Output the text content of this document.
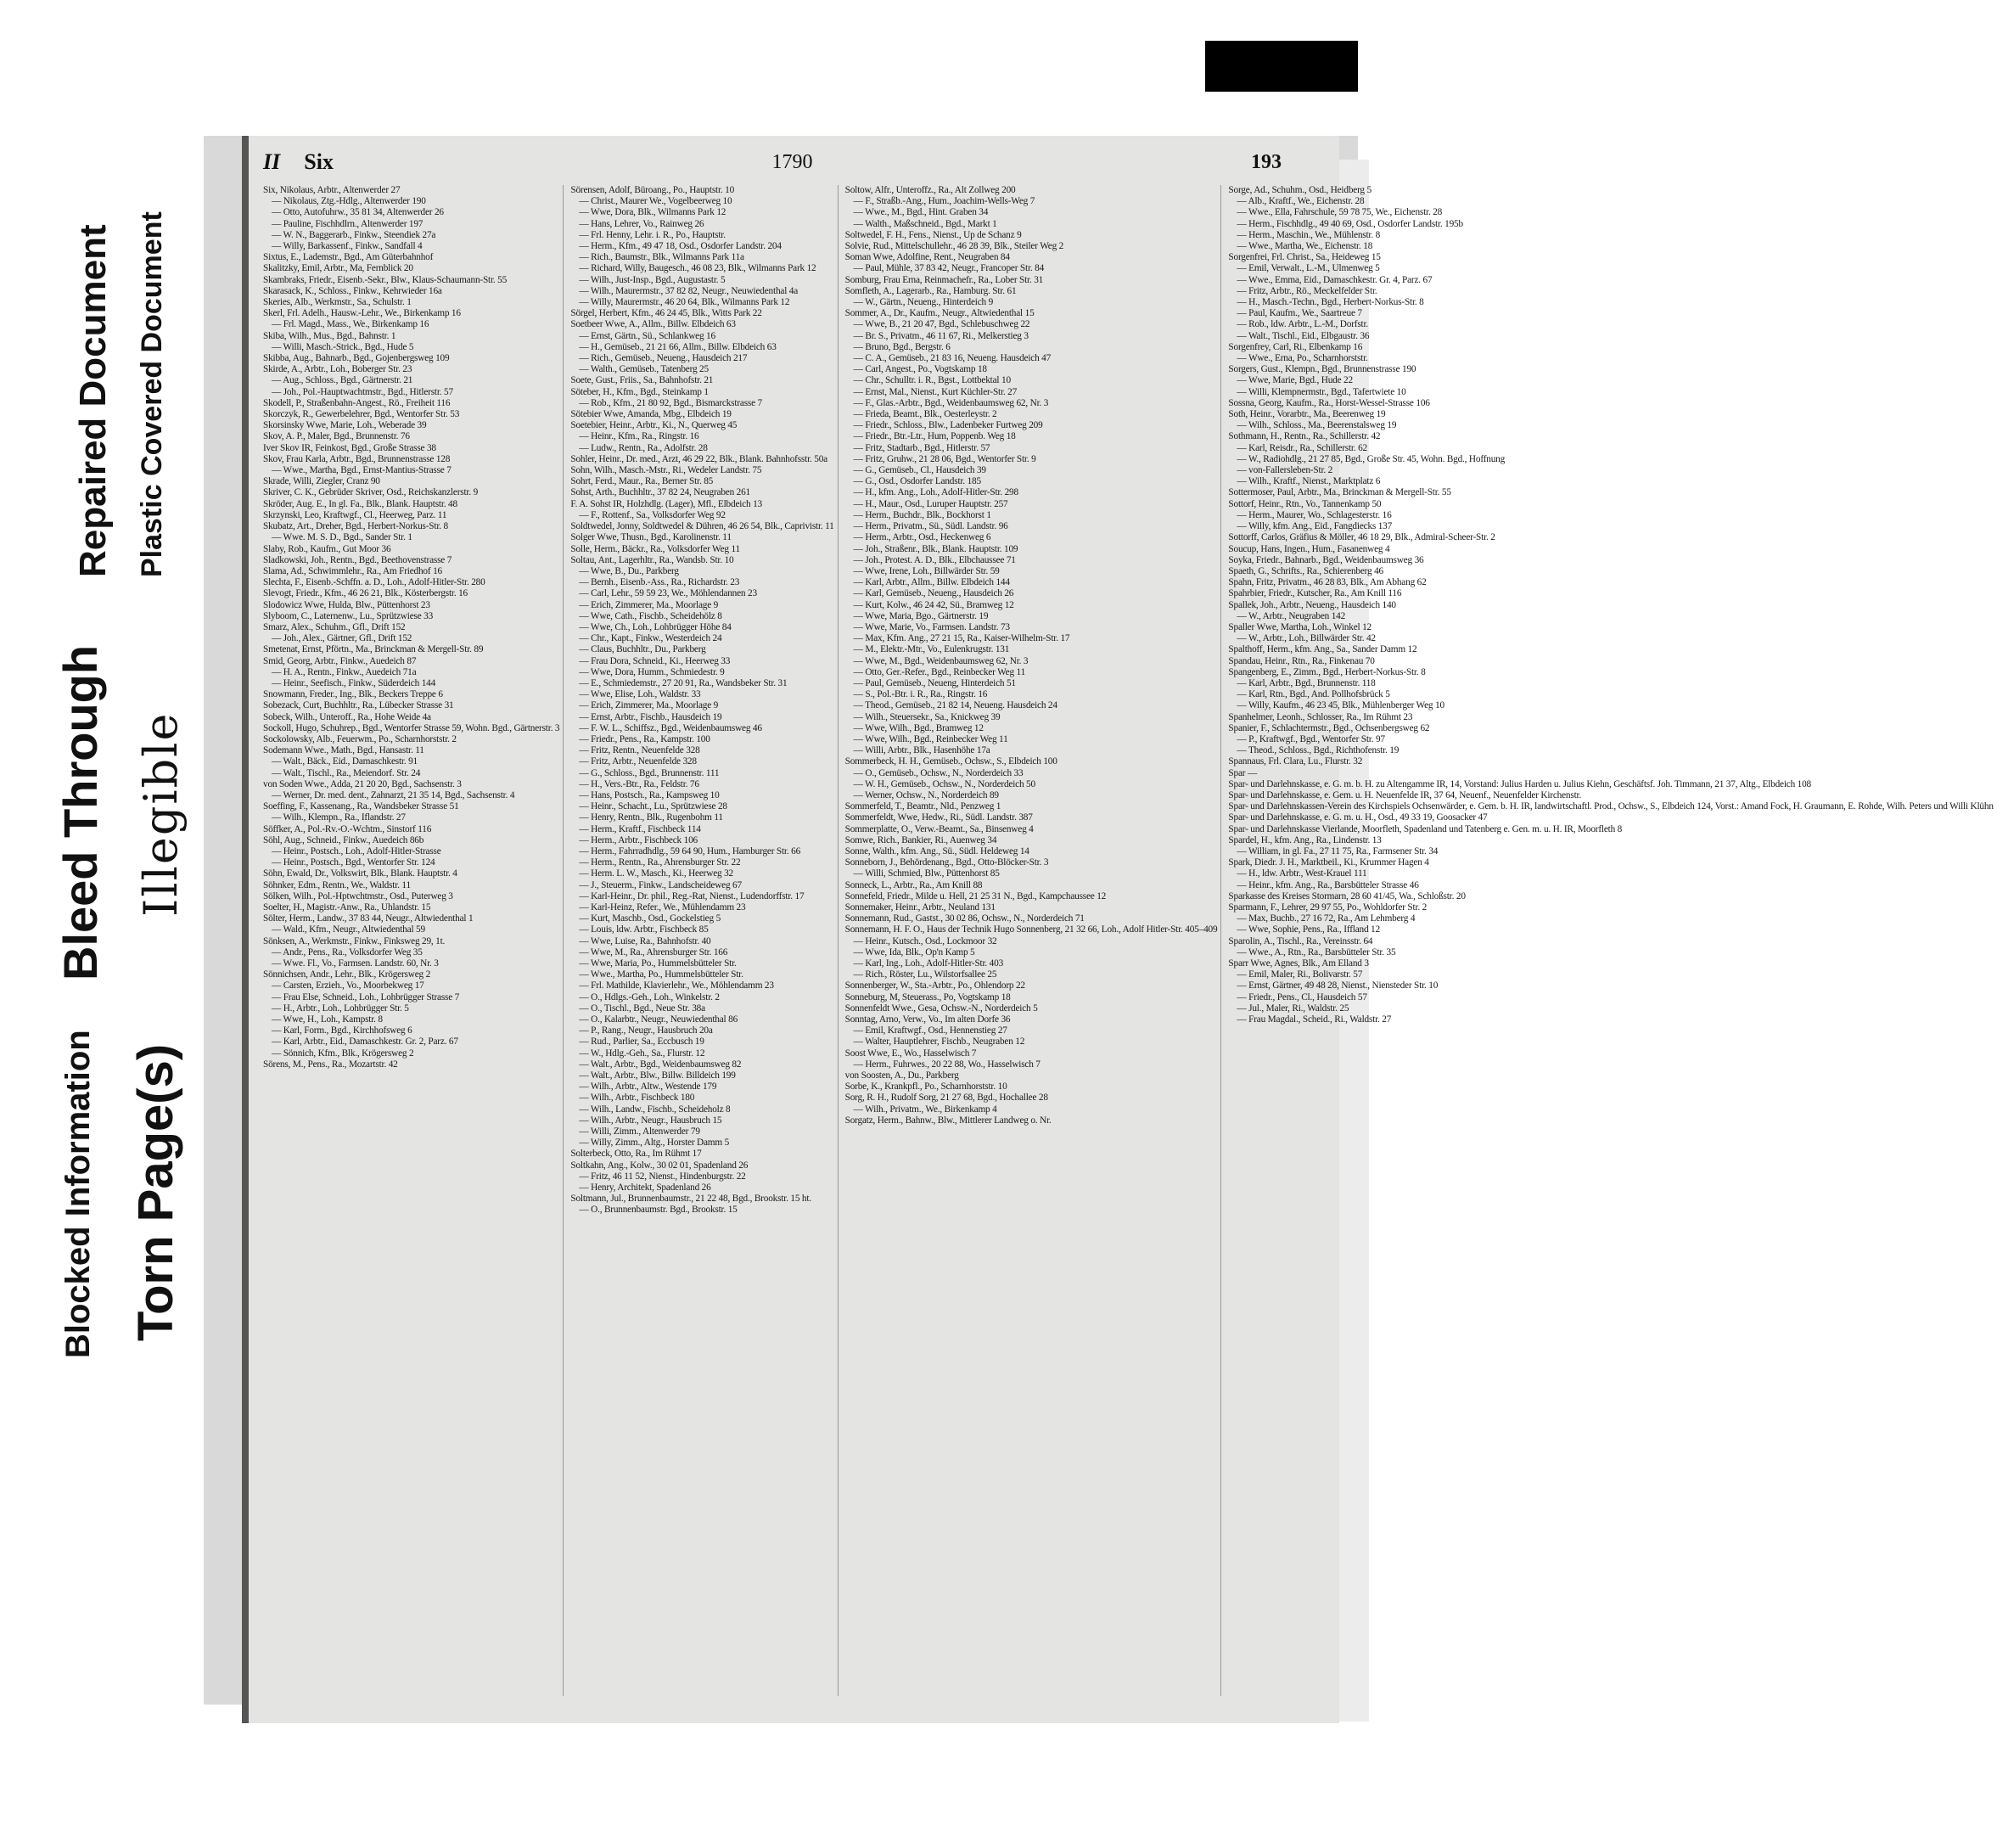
Blocked Information Torn Page(s)
Bleed Through Illegible
Repaired Document Plastic Covered Document
II Six	1790	193
Six, Nikolaus, Arbtr., Altenwerder 27
— Nikolaus, Ztg.-Hdlg., Altenwerder 190
— Otto, Autofuhrw., 35 81 34, Altenwerder 26
— Pauline, Fischhdlrn., Altenwerder 197
— W. N., Baggerarb., Finkw., Steendiek 27a
— Willy, Barkassenf., Finkw., Sandfall 4
Sixtus, E., Lademstr., Bgd., Am Güterbahnhof
Skalitzky, Emil, Arbtr., Ma, Fernblick 20
Skambraks, Friedr., Eisenb.-Sekr., Blw., Klaus-Schaumann-Str. 55
Skarasack, K., Schloss., Finkw., Kehrwieder 16a
Skeries, Alb., Werkmstr., Sa., Schulstr. 1
Skerl, Frl. Adelh., Hausw.-Lehr., We., Birkenkamp 16
— Frl. Magd., Mass., We., Birkenkamp 16
Skiba, Wilh., Mus., Bgd., Bahnstr. 1
— Willi, Masch.-Strick., Bgd., Hude 5
Skibba, Aug., Bahnarb., Bgd., Gojenbergsweg 109
Skirde, A., Arbtr., Loh., Boberger Str. 23
— Aug., Schloss., Bgd., Gärtnerstr. 21
— Joh., Pol.-Hauptwachtmstr., Bgd., Hitlerstr. 57
Skodell, P., Straßenbahn-Angest., Rö., Freiheit 116
Skorczyk, R., Gewerbelehrer, Bgd., Wentorfer Str. 53
Skorsinsky Wwe, Marie, Loh., Weberade 39
Skov, A. P., Maler, Bgd., Brunnenstr. 76
Iver Skov IR, Feinkost, Bgd., Große Strasse 38
Skov, Frau Karla, Arbtr., Bgd., Brunnenstrasse 128
— Wwe., Martha, Bgd., Ernst-Mantius-Strasse 7
Skrade, Willi, Ziegler, Cranz 90
Skriver, C. K., Gebrüder Skriver, Osd., Reichskanzlerstr. 9
Skröder, Aug. E., In gl. Fa., Blk., Blank. Hauptstr. 48
Skrzynski, Leo, Kraftwgf., Cl., Heerweg, Parz. 11
Skubatz, Art., Dreher, Bgd., Herbert-Norkus-Str. 8
— Wwe. M. S. D., Bgd., Sander Str. 1
Slaby, Rob., Kaufm., Gut Moor 36
Sladkowski, Joh., Rentn., Bgd., Beethovenstrasse 7
Slama, Ad., Schwimmlehr., Ra., Am Friedhof 16
Slechta, F., Eisenb.-Schffn. a. D., Loh., Adolf-Hitler-Str. 280
Slevogt, Friedr., Kfm., 46 26 21, Blk., Kösterbergstr. 16
Slodowicz Wwe, Hulda, Blw., Püttenhorst 23
Slyboom, C., Laternenw., Lu., Sprützwiese 33
Smarz, Alex., Schuhm., Gfl., Drift 152
— Joh., Alex., Gärtner, Gfl., Drift 152
Smetenat, Ernst, Pförtn., Ma., Brinckman & Mergell-Str. 89
Smid, Georg, Arbtr., Finkw., Auedeich 87
— H. A., Rentn., Finkw., Auedeich 71a
— Heinr., Seefisch., Finkw., Süderdeich 144
Snowmann, Freder., Ing., Blk., Beckers Treppe 6
Sobezack, Curt, Buchhltr., Ra., Lübecker Strasse 31
Sobeck, Wilh., Unteroff., Ra., Hohe Weide 4a
Sockoll, Hugo, Schuhrep., Bgd., Wentorfer Strasse 59, Wohn. Bgd., Gärtnerstr. 3
Sockolowsky, Alb., Feuerwm., Po., Scharnhorststr. 2
Sodemann Wwe., Math., Bgd., Hansastr. 11
— Walt., Bäck., Eid., Damaschkestr. 91
— Walt., Tischl., Ra., Meiendorf. Str. 24
von Soden Wwe., Adda, 21 20 20, Bgd., Sachsenstr. 3
— Werner, Dr. med. dent., Zahnarzt, 21 35 14, Bgd., Sachsenstr. 4
Soeffing, F., Kassenang., Ra., Wandsbeker Strasse 51
— Wilh., Klempn., Ra., Iflandstr. 27
Söffker, A., Pol.-Rv.-O.-Wchtm., Sinstorf 116
Söhl, Aug., Schneid., Finkw., Auedeich 86b
— Heinr., Postsch., Loh., Adolf-Hitler-Strasse
— Heinr., Postsch., Bgd., Wentorfer Str. 124
Söhn, Ewald, Dr., Volkswirt, Blk., Blank. Hauptstr. 4
Söhnker, Edm., Rentn., We., Waldstr. 11
Sölken, Wilh., Pol.-Hptwchtmstr., Osd., Puterweg 3
Soelter, H., Magistr.-Anw., Ra., Uhlandstr. 15
Sölter, Herm., Landw., 37 83 44, Neugr., Altwiedenthal 1
— Wald., Kfm., Neugr., Altwiedenthal 59
Sönksen, A., Werkmstr., Finkw., Finksweg 29, 1t.
— Andr., Pens., Ra., Volksdorfer Weg 35
— Wwe. Fl., Vo., Farmsen. Landstr. 60, Nr. 3
Sönnichsen, Andr., Lehr., Blk., Krögersweg 2
— Carsten, Erzieh., Vo., Moorbekweg 17
— Frau Else, Schneid., Loh., Lohbrügger Strasse 7
— H., Arbtr., Loh., Lohbrügger Str. 5
— Wwe, H., Loh., Kampstr. 8
— Karl, Form., Bgd., Kirchhofsweg 6
— Karl, Arbtr., Eid., Damaschkestr. Gr. 2, Parz. 67
— Sönnich, Kfm., Blk., Krögersweg 2
Sörens, M., Pens., Ra., Mozartstr. 42
Sörensen, Adolf, Büroang., Po., Hauptstr. 10
— Christ., Maurer We., Vogelbeerweg 10
— Wwe, Dora, Blk., Wilmanns Park 12
— Hans, Lehrer, Vo., Rainweg 26
— Frl. Henny, Lehr. i. R., Po., Hauptstr.
— Herm., Kfm., 49 47 18, Osd., Osdorfer Landstr. 204
— Rich., Baumstr., Blk., Wilmanns Park 11a
— Richard, Willy, Baugesch., 46 08 23, Blk., Wilmanns Park 12
— Wilh., Just-Insp., Bgd., Augustastr. 5
— Wilh., Maurermstr., 37 82 82, Neugr., Neuwiedenthal 4a
— Willy, Maurermstr., 46 20 64, Blk., Wilmanns Park 12
Sörgel, Herbert, Kfm., 46 24 45, Blk., Witts Park 22
Soetbeer Wwe, A., Allm., Billw. Elbdeich 63
— Ernst, Gärtn., Sü., Schlankweg 16
— H., Gemüseb., 21 21 66, Allm., Billw. Elbdeich 63
— Rich., Gemüseb., Neueng., Hausdeich 217
— Walth., Gemüseb., Tatenberg 25
Soete, Gust., Friis., Sa., Bahnhofstr. 21
Söteber, H., Kfm., Bgd., Steinkamp 1
— Rob., Kfm., 21 80 92, Bgd., Bismarckstrasse 7
Sötebier Wwe, Amanda, Mbg., Elbdeich 19
Soetebier, Heinr., Arbtr., Ki., N., Querweg 45
— Heinr., Kfm., Ra., Ringstr. 16
— Ludw., Rentn., Ra., Adolfstr. 28
Sohler, Heinr., Dr. med., Arzt, 46 29 22, Blk., Blank. Bahnhofsstr. 50a
Sohn, Wilh., Masch.-Mstr., Ri., Wedeler Landstr. 75
Sohrt, Ferd., Maur., Ra., Berner Str. 85
Sohst, Arth., Buchhltr., 37 82 24, Neugraben 261
F. A. Sohst IR, Holzhdlg. (Lager), Mfl., Elbdeich 13
— F., Rottenf., Sa., Volksdorfer Weg 92
Soldtwedel, Jonny, Soldtwedel & Dühren, 46 26 54, Blk., Caprivistr. 11
Solger Wwe, Thusn., Bgd., Karolinenstr. 11
Solle, Herm., Bäckr., Ra., Volksdorfer Weg 11
Soltau, Ant., Lagerhltr., Ra., Wandsb. Str. 10
— Wwe, B., Du., Parkberg
— Bernh., Eisenb.-Ass., Ra., Richardstr. 23
— Carl, Lehr., 59 59 23, We., Möhlendannen 23
— Erich, Zimmerer, Ma., Moorlage 9
— Wwe, Cath., Fischb., Scheidehölz 8
— Wwe, Ch., Loh., Lohbrügger Höhe 84
— Chr., Kapt., Finkw., Westerdeich 24
— Claus, Buchhltr., Du., Parkberg
— Frau Dora, Schneid., Ki., Heerweg 33
— Wwe, Dora, Humm., Schmiedestr. 9
— E., Schmiedemstr., 27 20 91, Ra., Wandsbeker Str. 31
— Wwe, Elise, Loh., Waldstr. 33
— Erich, Zimmerer, Ma., Moorlage 9
— Ernst, Arbtr., Fischb., Hausdeich 19
— F. W. L., Schiffsz., Bgd., Weidenbaumsweg 46
— Friedr., Pens., Ra., Kampstr. 100
— Fritz, Rentn., Neuenfelde 328
— Fritz, Arbtr., Neuenfelde 328
— G., Schloss., Bgd., Brunnenstr. 111
— H., Vers.-Btr., Ra., Feldstr. 76
— Hans, Postsch., Ra., Kampsweg 10
— Heinr., Schacht., Lu., Sprützwiese 28
— Henry, Rentn., Blk., Rugenbohm 11
— Herm., Kraftf., Fischbeck 114
— Herm., Arbtr., Fischbeck 106
— Herm., Fahrradhdlg., 59 64 90, Hum., Hamburger Str. 66
— Herm., Rentn., Ra., Ahrensburger Str. 22
— Herm. L. W., Masch., Ki., Heerweg 32
— J., Steuerm., Finkw., Landscheideweg 67
— Karl-Heinr., Dr. phil., Reg.-Rat, Nienst., Ludendorffstr. 17
— Karl-Heinz, Refer., We., Mühlendamm 23
— Kurt, Maschb., Osd., Gockelstieg 5
— Louis, ldw. Arbtr., Fischbeck 85
— Wwe, Luise, Ra., Bahnhofstr. 40
— Wwe, M., Ra., Ahrensburger Str. 166
— Wwe, Maria, Po., Hummelsbütteler Str.
— Wwe., Martha, Po., Hummelsbütteler Str.
— Frl. Mathilde, Klavierlehr., We., Möhlendamm 23
— O., Hdlgs.-Geh., Loh., Winkelstr. 2
— O., Tischl., Bgd., Neue Str. 38a
— O., Kalarbtr., Neugr., Neuwiedenthal 86
— P., Rang., Neugr., Hausbruch 20a
— Rud., Parlier, Sa., Eccbusch 19
— W., Hdlg.-Geh., Sa., Flurstr. 12
— Walt., Arbtr., Bgd., Weidenbaumsweg 82
— Walt., Arbtr., Blw., Billw. Billdeich 199
— Wilh., Arbtr., Altw., Westende 179
— Wilh., Arbtr., Fischbeck 180
— Wilh., Landw., Fischb., Scheideholz 8
— Wilh., Arbtr., Neugr., Hausbruch 15
— Willi, Zimm., Altenwerder 79
— Willy, Zimm., Altg., Horster Damm 5
Solterbeck, Otto, Ra., Im Rühmt 17
Soltkahn, Ang., Kolw., 30 02 01, Spadenland 26
— Fritz, 46 11 52, Nienst., Hindenburgstr. 22
— Henry, Architekt, Spadenland 26
Soltmann, Jul., Brunnenbaumstr., 21 22 48, Bgd., Brookstr. 15 ht.
— O., Brunnenbaumstr. Bgd., Brookstr. 15
Soltow, Alfr., Unteroffz., Ra., Alt Zollweg 200
— F., Straßb.-Ang., Hum., Joachim-Wells-Weg 7
— Wwe., M., Bgd., Hint. Graben 34
— Walth., Maßschneid., Bgd., Markt 1
Soltwedel, F. H., Fens., Nienst., Up de Schanz 9
Solvie, Rud., Mittelschullehr., 46 28 39, Blk., Steiler Weg 2
Soman Wwe, Adolfine, Rent., Neugraben 84
— Paul, Mühle, 37 83 42, Neugr., Francoper Str. 84
Somburg, Frau Erna, Reinmachefr., Ra., Lober Str. 31
Somfleth, A., Lagerarb., Ra., Hamburg. Str. 61
— W., Gärtn., Neueng., Hinterdeich 9
Sommer, A., Dr., Kaufm., Neugr., Altwiedenthal 15
— Wwe, B., 21 20 47, Bgd., Schlebuschweg 22
— Br. S., Privatm., 46 11 67, Ri., Melkerstieg 3
— Bruno, Bgd., Bergstr. 6
— C. A., Gemüseb., 21 83 16, Neueng. Hausdeich 47
— Carl, Angest., Po., Vogtskamp 18
— Chr., Schulltr. i. R., Bgst., Lottbektal 10
— Ernst, Mal., Nienst., Kurt Küchler-Str. 27
— F., Glas.-Arbtr., Bgd., Weidenbaumsweg 62, Nr. 3
— Frieda, Beamt., Blk., Oesterleystr. 2
— Friedr., Schloss., Blw., Ladenbeker Furtweg 209
— Friedr., Btr.-Ltr., Hum, Poppenb. Weg 18
— Fritz, Stadtarb., Bgd., Hitlerstr. 57
— Fritz, Gruhw., 21 28 06, Bgd., Wentorfer Str. 9
— G., Gemüseb., Cl., Hausdeich 39
— G., Osd., Osdorfer Landstr. 185
— H., kfm. Ang., Loh., Adolf-Hitler-Str. 298
— H., Maur., Osd., Luruper Hauptstr. 257
— Herm., Buchdr., Blk., Bockhorst 1
— Herm., Privatm., Sü., Südl. Landstr. 96
— Herm., Arbtr., Osd., Heckenweg 6
— Joh., Straßenr., Blk., Blank. Hauptstr. 109
— Joh., Protest. A. D., Blk., Elbchaussee 71
— Wwe, Irene, Loh., Billwärder Str. 59
— Karl, Arbtr., Allm., Billw. Elbdeich 144
— Karl, Gemüseb., Neueng., Hausdeich 26
— Kurt, Kolw., 46 24 42, Sü., Bramweg 12
— Wwe, Maria, Bgo., Gärtnerstr. 19
— Wwe, Marie, Vo., Farmsen. Landstr. 73
— Max, Kfm. Ang., 27 21 15, Ra., Kaiser-Wilhelm-Str. 17
— M., Elektr.-Mtr., Vo., Eulenkrugstr. 131
— Wwe, M., Bgd., Weidenbaumsweg 62, Nr. 3
— Otto, Ger.-Refer., Bgd., Reinbecker Weg 11
— Paul, Gemüseb., Neueng, Hinterdeich 51
— S., Pol.-Btr. i. R., Ra., Ringstr. 16
— Theod., Gemüseb., 21 82 14, Neueng. Hausdeich 24
— Wilh., Steuersekr., Sa., Knickweg 39
— Wwe, Wilh., Bgd., Bramweg 12
— Wwe, Wilh., Bgd., Reinbecker Weg 11
— Willi, Arbtr., Blk., Hasenhöhe 17a
Sommerbeck, H. H., Gemüseb., Ochsw., S., Elbdeich 100
— O., Gemüseb., Ochsw., N., Norderdeich 33
— W. H., Gemüseb., Ochsw., N., Norderdeich 50
— Werner, Ochsw., N., Norderdeich 89
Sommerfeld, T., Beamtr., Nld., Penzweg 1
Sommerfeldt, Wwe, Hedw., Ri., Südl. Landstr. 387
Sommerplatte, O., Verw.-Beamt., Sa., Binsenweg 4
Somwe, Rich., Bankier, Ri., Auenweg 34
Sonne, Walth., kfm. Ang., Sü., Südl. Heldeweg 14
Sonneborn, J., Behördenang., Bgd., Otto-Blöcker-Str. 3
— Willi, Schmied, Blw., Püttenhorst 85
Sonneck, L., Arbtr., Ra., Am Knill 88
Sonnefeld, Friedr., Milde u. Hell, 21 25 31 N., Bgd., Kampchaussee 12
Sonnemaker, Heinr., Arbtr., Neuland 131
Sonnemann, Rud., Gastst., 30 02 86, Ochsw., N., Norderdeich 71
Sonnemann, H. F. O., Haus der Technik Hugo Sonnenberg, 21 32 66, Loh., Adolf Hitler-Str. 405–409
— Heinr., Kutsch., Osd., Lockmoor 32
— Wwe, Ida, Blk., Op'n Kamp 5
— Karl, Ing., Loh., Adolf-Hitler-Str. 403
— Rich., Röster, Lu., Wilstorfsallee 25
Sonnenberger, W., Sta.-Arbtr., Po., Ohlendorp 22
Sonneburg, M, Steuerass., Po, Vogtskamp 18
Sonnenfeldt Wwe., Gesa, Ochsw.-N., Norderdeich 5
Sonntag, Arno, Verw., Vo., Im alten Dorfe 36
— Emil, Kraftwgf., Osd., Hennenstieg 27
— Walter, Hauptlehrer, Fischb., Neugraben 12
Soost Wwe, E., Wo., Hasselwisch 7
— Herm., Fuhrwes., 20 22 88, Wo., Hasselwisch 7
von Soosten, A., Du., Parkberg
Sorbe, K., Krankpfl., Po., Scharnhorststr. 10
Sorg, R. H., Rudolf Sorg, 21 27 68, Bgd., Hochallee 28
— Wilh., Privatm., We., Birkenkamp 4
Sorgatz, Herm., Bahnw., Blw., Mittlerer Landweg o. Nr.
Sorge, Ad., Schuhm., Osd., Heidberg 5
— Alb., Kraftf., We., Eichenstr. 28
— Wwe., Ella, Fahrschule, 59 78 75, We., Eichenstr. 28
— Herm., Fischhdlg., 49 40 69, Osd., Osdorfer Landstr. 195b
— Herm., Maschin., We., Mühlenstr. 8
— Wwe., Martha, We., Eichenstr. 18
Sorgenfrei, Frl. Christ., Sa., Heideweg 15
— Emil, Verwalt., L.-M., Ulmenweg 5
— Wwe., Emma, Eid., Damaschkestr. Gr. 4, Parz. 67
— Fritz, Arbtr., Rö., Meckelfelder Str.
— H., Masch.-Techn., Bgd., Herbert-Norkus-Str. 8
— Paul, Kaufm., We., Saartreue 7
— Rob., ldw. Arbtr., L.-M., Dorfstr.
— Walt., Tischl., Eid., Elbgaustr. 36
Sorgenfrey, Carl, Ri., Elbenkamp 16
— Wwe., Erna, Po., Scharnhorststr.
Sorgers, Gust., Klempn., Bgd., Brunnenstrasse 190
— Wwe, Marie, Bgd., Hude 22
— Willi, Klempnermstr., Bgd., Tafertwiete 10
Sossna, Georg, Kaufm., Ra., Horst-Wessel-Strasse 106
Soth, Heinr., Vorarbtr., Ma., Beerenweg 19
— Wilh., Schloss., Ma., Beerenstalsweg 19
Sothmann, H., Rentn., Ra., Schillerstr. 42
— Karl, Reisdr., Ra., Schillerstr. 62
— W., Radiohdlg., 21 27 85, Bgd., Große Str. 45, Wohn. Bgd., Hoffnung
— von-Fallersleben-Str. 2
— Wilh., Kraftf., Nienst., Marktplatz 6
Sottermoser, Paul, Arbtr., Ma., Brinckman & Mergell-Str. 55
Sottorf, Heinr., Rtn., Vo., Tannenkamp 50
— Herm., Maurer, Wo., Schlagesterstr. 16
— Willy, kfm. Ang., Eid., Fangdiecks 137
Sottorff, Carlos, Gräfius & Möller, 46 18 29, Blk., Admiral-Scheer-Str. 2
Soucup, Hans, Ingen., Hum., Fasanenweg 4
Soyka, Friedr., Bahnarb., Bgd., Weidenbaumsweg 36
Spaeth, G., Schrifts., Ra., Schierenberg 46
Spahn, Fritz, Privatm., 46 28 83, Blk., Am Abhang 62
Spahrbier, Friedr., Kutscher, Ra., Am Knill 116
Spallek, Joh., Arbtr., Neueng., Hausdeich 140
— W., Arbtr., Neugraben 142
Spaller Wwe, Martha, Loh., Winkel 12
— W., Arbtr., Loh., Billwärder Str. 42
Spalthoff, Herm., kfm. Ang., Sa., Sander Damm 12
Spandau, Heinr., Rtn., Ra., Finkenau 70
Spangenberg, E., Zimm., Bgd., Herbert-Norkus-Str. 8
— Karl, Arbtr., Bgd., Brunnenstr. 118
— Karl, Rtn., Bgd., And. Pollhofsbrück 5
— Willy, Kaufm., 46 23 45, Blk., Mühlenberger Weg 10
Spanhelmer, Leonh., Schlosser, Ra., Im Rühmt 23
Spanier, F., Schlachtermstr., Bgd., Ochsenbergsweg 62
— P., Kraftwgf., Bgd., Wentorfer Str. 97
— Theod., Schloss., Bgd., Richthofenstr. 19
Spannaus, Frl. Clara, Lu., Flurstr. 32
Spar —
Spar- und Darlehnskasse, e. G. m. b. H. zu Altengamme IR, 14, Vorstand: Julius Harden u. Julius Kiehn, Geschäftsf. Joh. Timmann, 21 37, Altg., Elbdeich 108
Spar- und Darlehnskasse, e. Gem. u. H. Neuenfelde IR, 37 64, Neuenf., Neuenfelder Kirchenstr.
Spar- und Darlehnskassen-Verein des Kirchspiels Ochsenwärder, e. Gem. b. H. IR, landwirtschaftl. Prod., Ochsw., S., Elbdeich 124, Vorst.: Amand Fock, H. Graumann, E. Rohde, Wilh. Peters und Willi Klühn
Spar- und Darlehnskasse, e. G. m. u. H., Osd., 49 33 19, Goosacker 47
Spar- und Darlehnskasse Vierlande, Moorfleth, Spadenland und Tatenberg e. Gen. m. u. H. IR, Moorfleth 8
Spardel, H., kfm. Ang., Ra., Lindenstr. 13
— William, in gl. Fa., 27 11 75, Ra., Farmsener Str. 34
Spark, Diedr. J. H., Marktbeil., Ki., Krummer Hagen 4
— H., ldw. Arbtr., West-Krauel 111
— Heinr., kfm. Ang., Ra., Barsbütteler Strasse 46
Sparkasse des Kreises Stormarn, 28 60 41/45, Wa., Schloßstr. 20
Sparmann, F., Lehrer, 29 97 55, Po., Wohldorfer Str. 2
— Max, Buchb., 27 16 72, Ra., Am Lehmberg 4
— Wwe, Sophie, Pens., Ra., Iffland 12
Sparolin, A., Tischl., Ra., Vereinsstr. 64
— Wwe., A., Rtn., Ra., Barsbütteler Str. 35
Sparr Wwe, Agnes, Blk., Am Elland 3
— Emil, Maler, Ri., Bolivarstr. 57
— Ernst, Gärtner, 49 48 28, Nienst., Niensteder Str. 10
— Friedr., Pens., Cl., Hausdeich 57
— Jul., Maler, Ri., Waldstr. 25
— Frau Magdal., Scheid., Ri., Waldstr. 27
